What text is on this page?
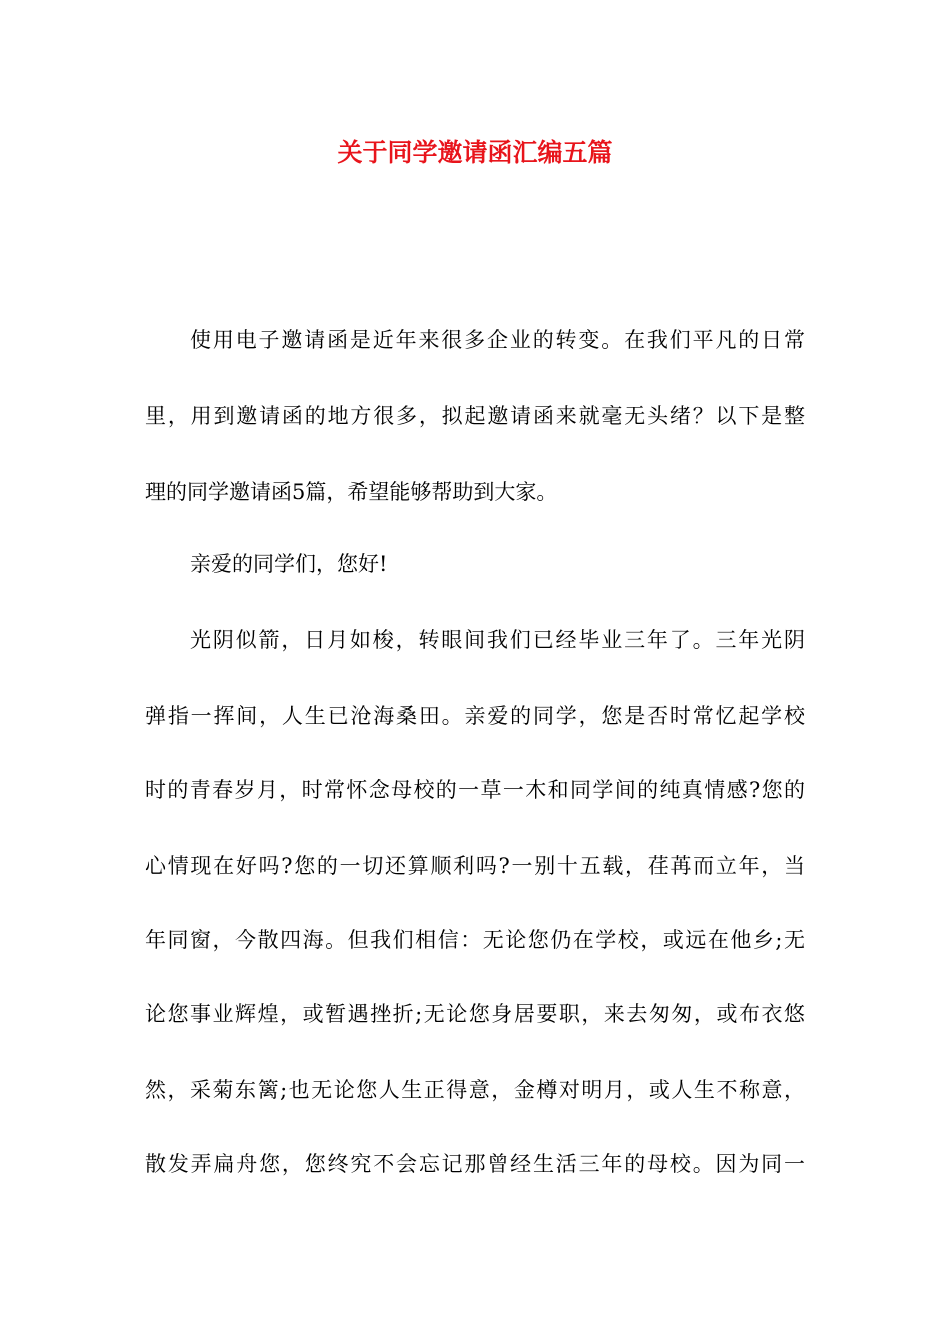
关于同学邀请函汇编五篇
使用电子邀请函是近年来很多企业的转变。在我们平凡的日常
里，用到邀请函的地方很多，拟起邀请函来就毫无头绪？以下是整
理的同学邀请函5篇，希望能够帮助到大家。
亲爱的同学们，您好!
光阴似箭，日月如梭，转眼间我们已经毕业三年了。三年光阴
弹指一挥间，人生已沧海桑田。亲爱的同学，您是否时常忆起学校
时的青春岁月，时常怀念母校的一草一木和同学间的纯真情感?您的
心情现在好吗?您的一切还算顺利吗?一别十五载，荏苒而立年，当
年同窗，今散四海。但我们相信：无论您仍在学校，或远在他乡;无
论您事业辉煌，或暂遇挫折;无论您身居要职，来去匆匆，或布衣悠
然，采菊东篱;也无论您人生正得意，金樽对明月，或人生不称意，
散发弄扁舟您，您终究不会忘记那曾经生活三年的母校。因为同一
